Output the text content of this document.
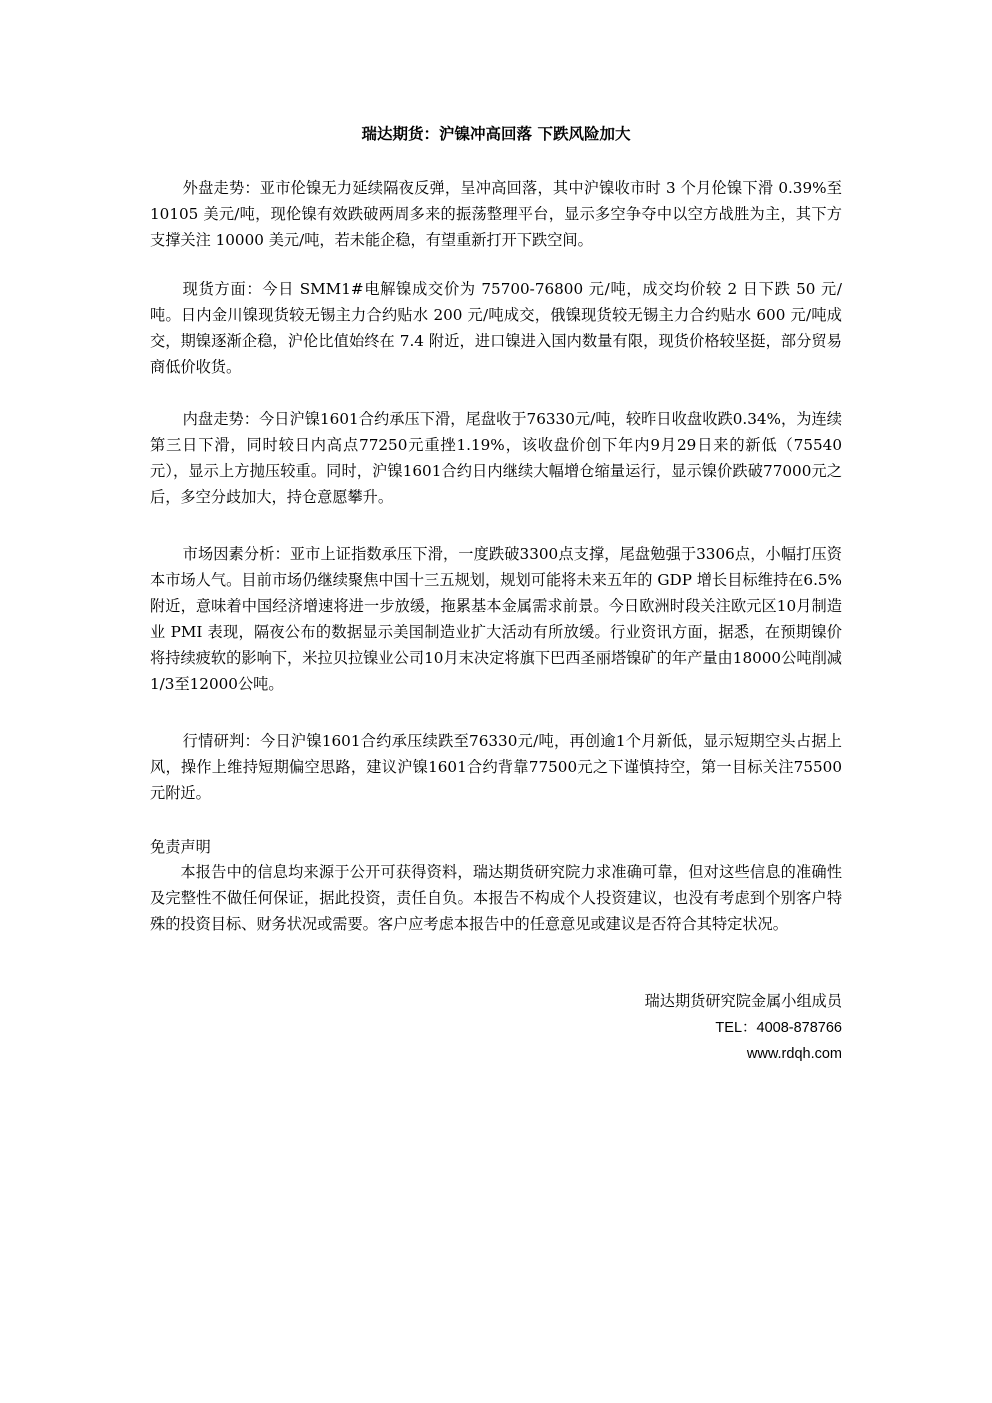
瑞达期货：沪镍冲高回落 下跌风险加大

外盘走势：亚市伦镍无力延续隔夜反弹，呈冲高回落，其中沪镍收市时 3 个月伦镍下滑 0.39%至 10105 美元/吨，现伦镍有效跌破两周多来的振荡整理平台，显示多空争夺中以空方战胜为主，其下方支撑关注 10000 美元/吨，若未能企稳，有望重新打开下跌空间。

现货方面：今日 SMM1#电解镍成交价为 75700-76800 元/吨，成交均价较 2 日下跌 50 元/吨。日内金川镍现货较无锡主力合约贴水 200 元/吨成交，俄镍现货较无锡主力合约贴水 600 元/吨成交，期镍逐渐企稳，沪伦比值始终在 7.4 附近，进口镍进入国内数量有限，现货价格较坚挺，部分贸易商低价收货。

内盘走势：今日沪镍1601合约承压下滑，尾盘收于76330元/吨，较昨日收盘收跌0.34%，为连续第三日下滑，同时较日内高点77250元重挫1.19%，该收盘价创下年内9月29日来的新低（75540元），显示上方抛压较重。同时，沪镍1601合约日内继续大幅增仓缩量运行，显示镍价跌破77000元之后，多空分歧加大，持仓意愿攀升。

市场因素分析：亚市上证指数承压下滑，一度跌破3300点支撑，尾盘勉强于3306点，小幅打压资本市场人气。目前市场仍继续聚焦中国十三五规划，规划可能将未来五年的 GDP 增长目标维持在6.5%附近，意味着中国经济增速将进一步放缓，拖累基本金属需求前景。今日欧洲时段关注欧元区10月制造业 PMI 表现，隔夜公布的数据显示美国制造业扩大活动有所放缓。行业资讯方面，据悉，在预期镍价将持续疲软的影响下，米拉贝拉镍业公司10月末决定将旗下巴西圣丽塔镍矿的年产量由18000公吨削减1/3至12000公吨。

行情研判：今日沪镍1601合约承压续跌至76330元/吨，再创逾1个月新低，显示短期空头占据上风，操作上维持短期偏空思路，建议沪镍1601合约背靠77500元之下谨慎持空，第一目标关注75500元附近。

免责声明

本报告中的信息均来源于公开可获得资料，瑞达期货研究院力求准确可靠，但对这些信息的准确性及完整性不做任何保证，据此投资，责任自负。本报告不构成个人投资建议，也没有考虑到个别客户特殊的投资目标、财务状况或需要。客户应考虑本报告中的任意意见或建议是否符合其特定状况。

瑞达期货研究院金属小组成员

TEL：4008-878766

www.rdqh.com
